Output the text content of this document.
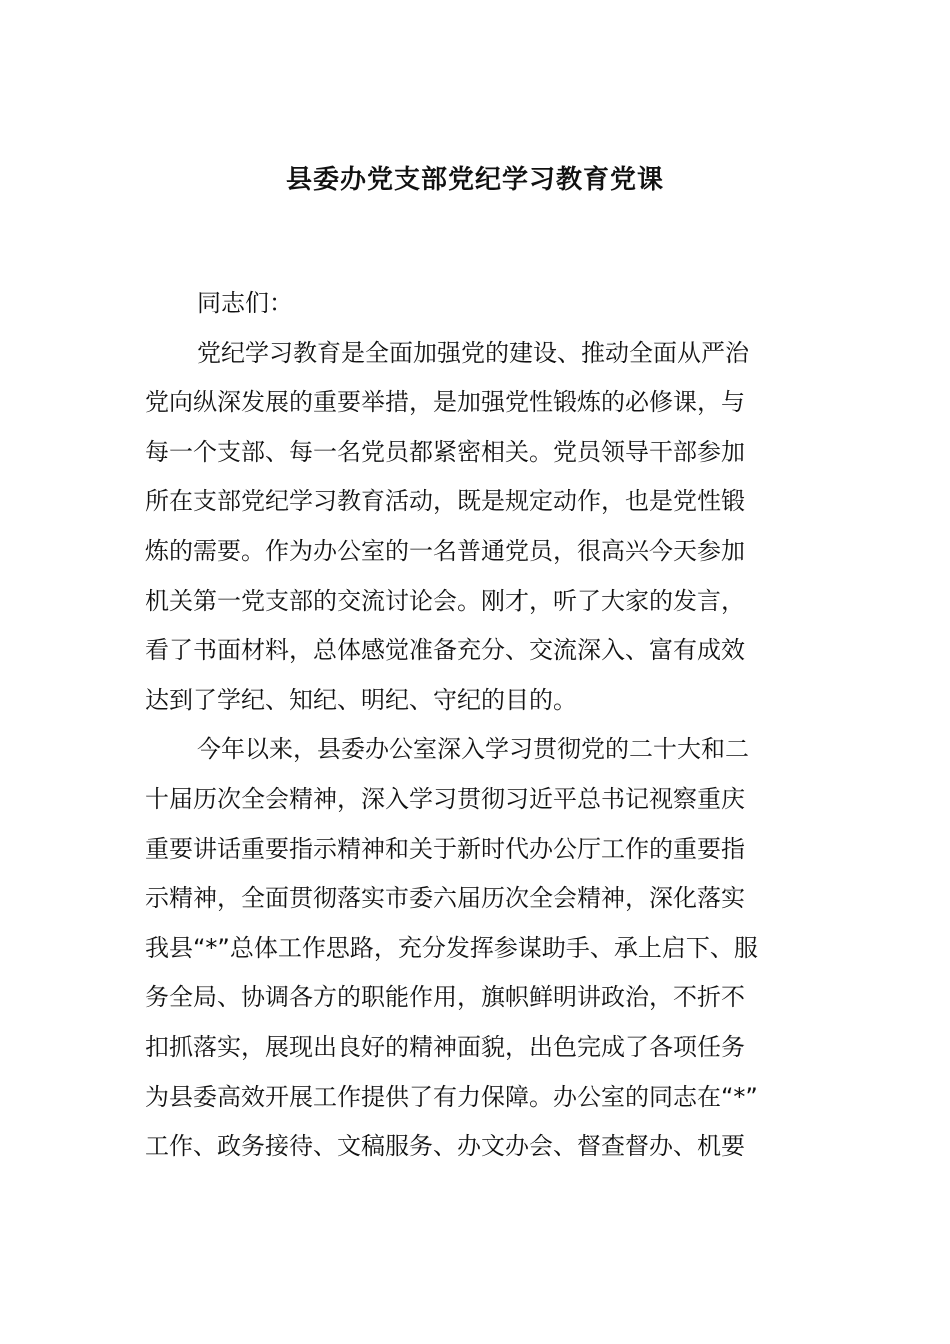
县委办党支部党纪学习教育党课

同志们：

党纪学习教育是全面加强党的建设、推动全面从严治
党向纵深发展的重要举措，是加强党性锻炼的必修课，与
每一个支部、每一名党员都紧密相关。党员领导干部参加
所在支部党纪学习教育活动，既是规定动作，也是党性锻
炼的需要。作为办公室的一名普通党员，很高兴今天参加
机关第一党支部的交流讨论会。刚才，听了大家的发言，
看了书面材料，总体感觉准备充分、交流深入、富有成效
达到了学纪、知纪、明纪、守纪的目的。

今年以来，县委办公室深入学习贯彻党的二十大和二
十届历次全会精神，深入学习贯彻习近平总书记视察重庆
重要讲话重要指示精神和关于新时代办公厅工作的重要指
示精神，全面贯彻落实市委六届历次全会精神，深化落实
我县“*”总体工作思路，充分发挥参谋助手、承上启下、服
务全局、协调各方的职能作用，旗帜鲜明讲政治，不折不
扣抓落实，展现出良好的精神面貌，出色完成了各项任务
为县委高效开展工作提供了有力保障。办公室的同志在“*”
工作、政务接待、文稿服务、办文办会、督查督办、机要
